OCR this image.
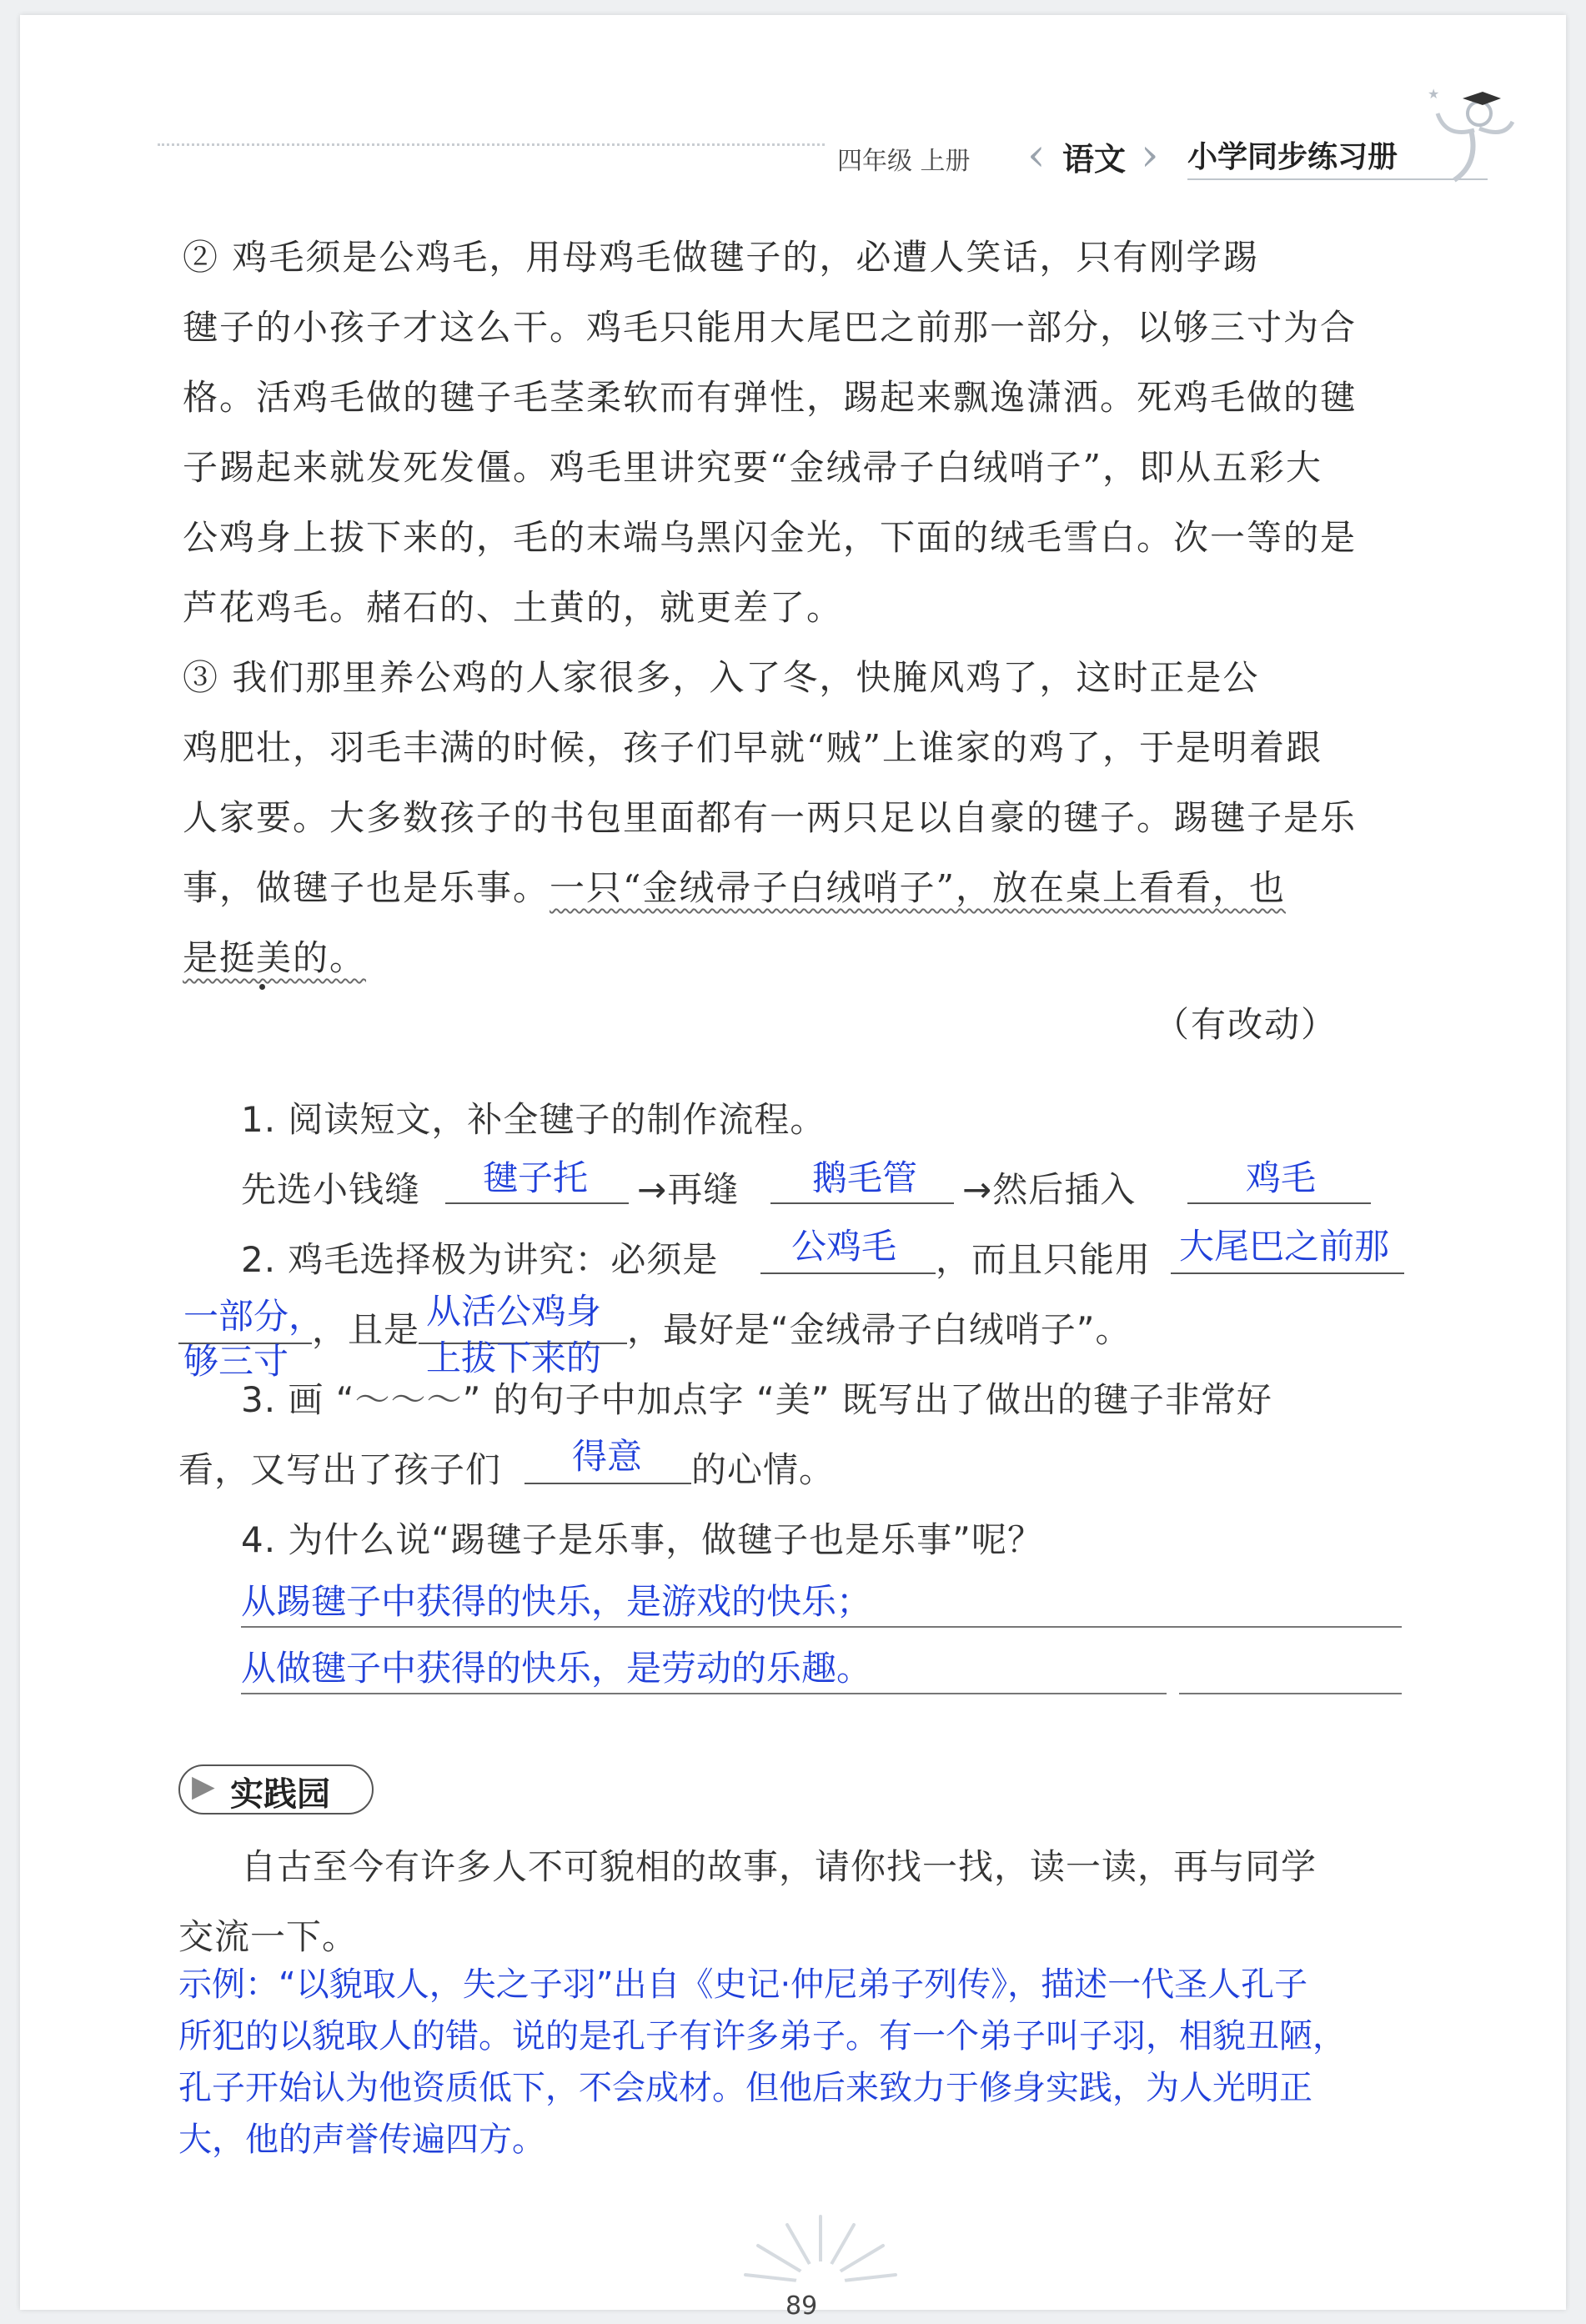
四年级 上册 ‹ 语文 › 小学同步练习册
★
② 鸡毛须是公鸡毛，用母鸡毛做毽子的，必遭人笑话，只有刚学踢
毽子的小孩子才这么干。鸡毛只能用大尾巴之前那一部分，以够三寸为合
格。活鸡毛做的毽子毛茎柔软而有弹性，踢起来飘逸潇洒。死鸡毛做的毽
子踢起来就发死发僵。鸡毛里讲究要“金绒帚子白绒哨子”，即从五彩大
公鸡身上拔下来的，毛的末端乌黑闪金光，下面的绒毛雪白。次一等的是
芦花鸡毛。赭石的、土黄的，就更差了。
③ 我们那里养公鸡的人家很多，入了冬，快腌风鸡了，这时正是公
鸡肥壮，羽毛丰满的时候，孩子们早就“贼”上谁家的鸡了，于是明着跟
人家要。大多数孩子的书包里面都有一两只足以自豪的毽子。踢毽子是乐
事，做毽子也是乐事。一只“金绒帚子白绒哨子”，放在桌上看看，也
是挺美的。
（有改动）
1. 阅读短文，补全毽子的制作流程。
先选小钱缝 毽子托 →再缝 鹅毛管 →然后插入	鸡毛
2. 鸡毛选择极为讲究：必须是 公鸡毛 ，而且只能用 大尾巴之前那
一部分，
够三寸
，且是 从活公鸡身
上拔下来的
，最好是“金绒帚子白绒哨子”。
3. 画 “～～～” 的句子中加点字 “美” 既写出了做出的毽子非常好
看，又写出了孩子们 得意 的心情。
4. 为什么说“踢毽子是乐事，做毽子也是乐事”呢？
从踢毽子中获得的快乐，是游戏的快乐；
从做毽子中获得的快乐，是劳动的乐趣。
▶ 实践园
自古至今有许多人不可貌相的故事，请你找一找，读一读，再与同学
交流一下。
示例：“以貌取人，失之子羽”出自《史记·仲尼弟子列传》，描述一代圣人孔子
所犯的以貌取人的错。说的是孔子有许多弟子。有一个弟子叫子羽，相貌丑陋，
孔子开始认为他资质低下，不会成材。但他后来致力于修身实践，为人光明正
大，他的声誉传遍四方。
89
